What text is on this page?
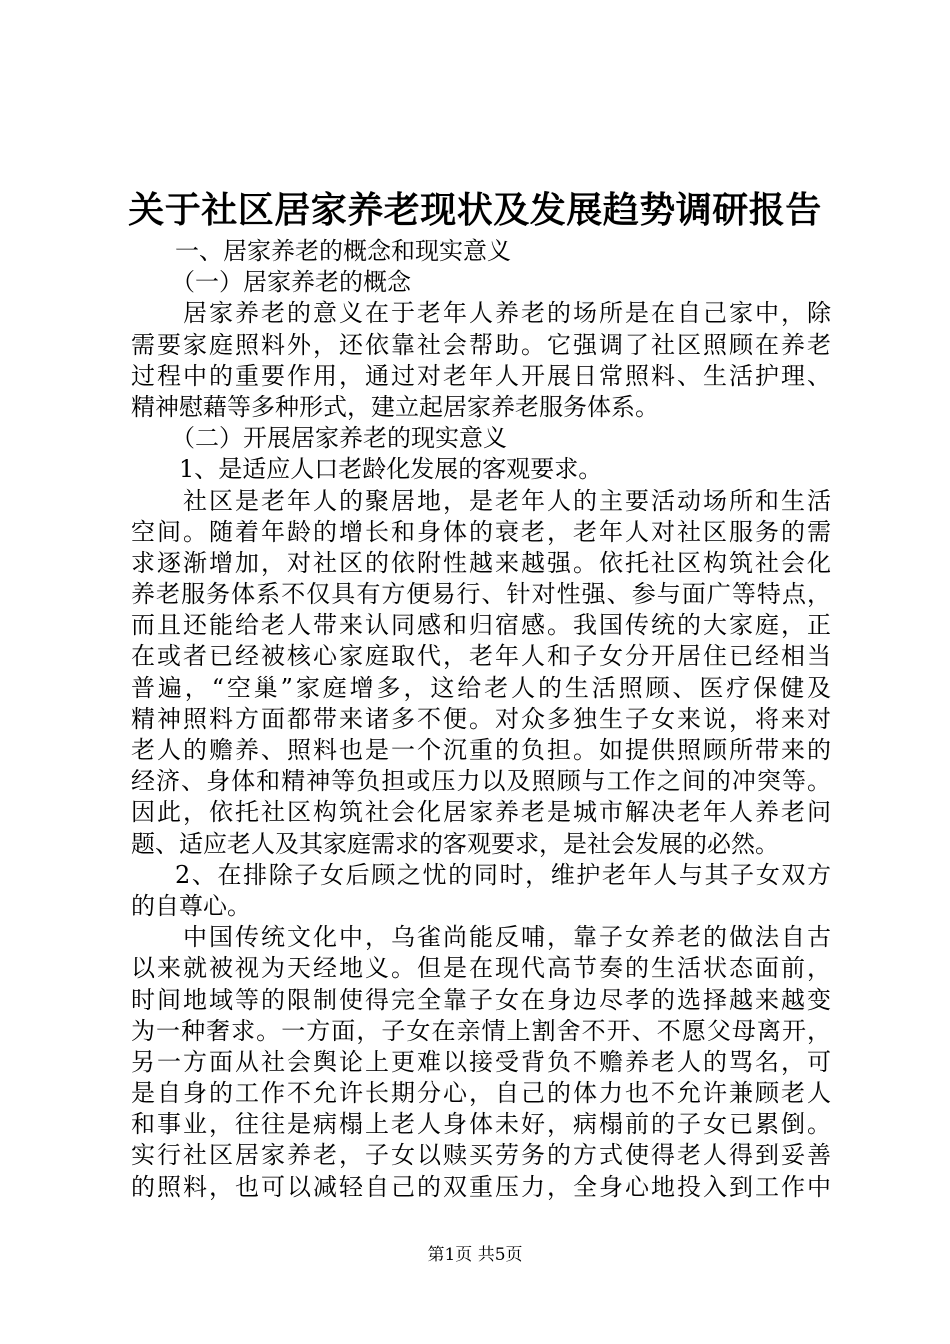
关于社区居家养老现状及发展趋势调研报告
一、居家养老的概念和现实意义
（一）居家养老的概念
居家养老的意义在于老年人养老的场所是在自己家中，除
需要家庭照料外，还依靠社会帮助。它强调了社区照顾在养老
过程中的重要作用，通过对老年人开展日常照料、生活护理、
精神慰藉等多种形式，建立起居家养老服务体系。
（二）开展居家养老的现实意义
1、是适应人口老龄化发展的客观要求。
社区是老年人的聚居地，是老年人的主要活动场所和生活
空间。随着年龄的增长和身体的衰老，老年人对社区服务的需
求逐渐增加，对社区的依附性越来越强。依托社区构筑社会化
养老服务体系不仅具有方便易行、针对性强、参与面广等特点，
而且还能给老人带来认同感和归宿感。我国传统的大家庭，正
在或者已经被核心家庭取代，老年人和子女分开居住已经相当
普遍，“空巢”家庭增多，这给老人的生活照顾、医疗保健及
精神照料方面都带来诸多不便。对众多独生子女来说，将来对
老人的赡养、照料也是一个沉重的负担。如提供照顾所带来的
经济、身体和精神等负担或压力以及照顾与工作之间的冲突等。
因此，依托社区构筑社会化居家养老是城市解决老年人养老问
题、适应老人及其家庭需求的客观要求，是社会发展的必然。
2、在排除子女后顾之忧的同时，维护老年人与其子女双方
的自尊心。
中国传统文化中，乌雀尚能反哺，靠子女养老的做法自古
以来就被视为天经地义。但是在现代高节奏的生活状态面前，
时间地域等的限制使得完全靠子女在身边尽孝的选择越来越变
为一种奢求。一方面，子女在亲情上割舍不开、不愿父母离开，
另一方面从社会舆论上更难以接受背负不赡养老人的骂名，可
是自身的工作不允许长期分心，自己的体力也不允许兼顾老人
和事业，往往是病榻上老人身体未好，病榻前的子女已累倒。
实行社区居家养老，子女以赎买劳务的方式使得老人得到妥善
的照料，也可以减轻自己的双重压力，全身心地投入到工作中
第1页 共5页
